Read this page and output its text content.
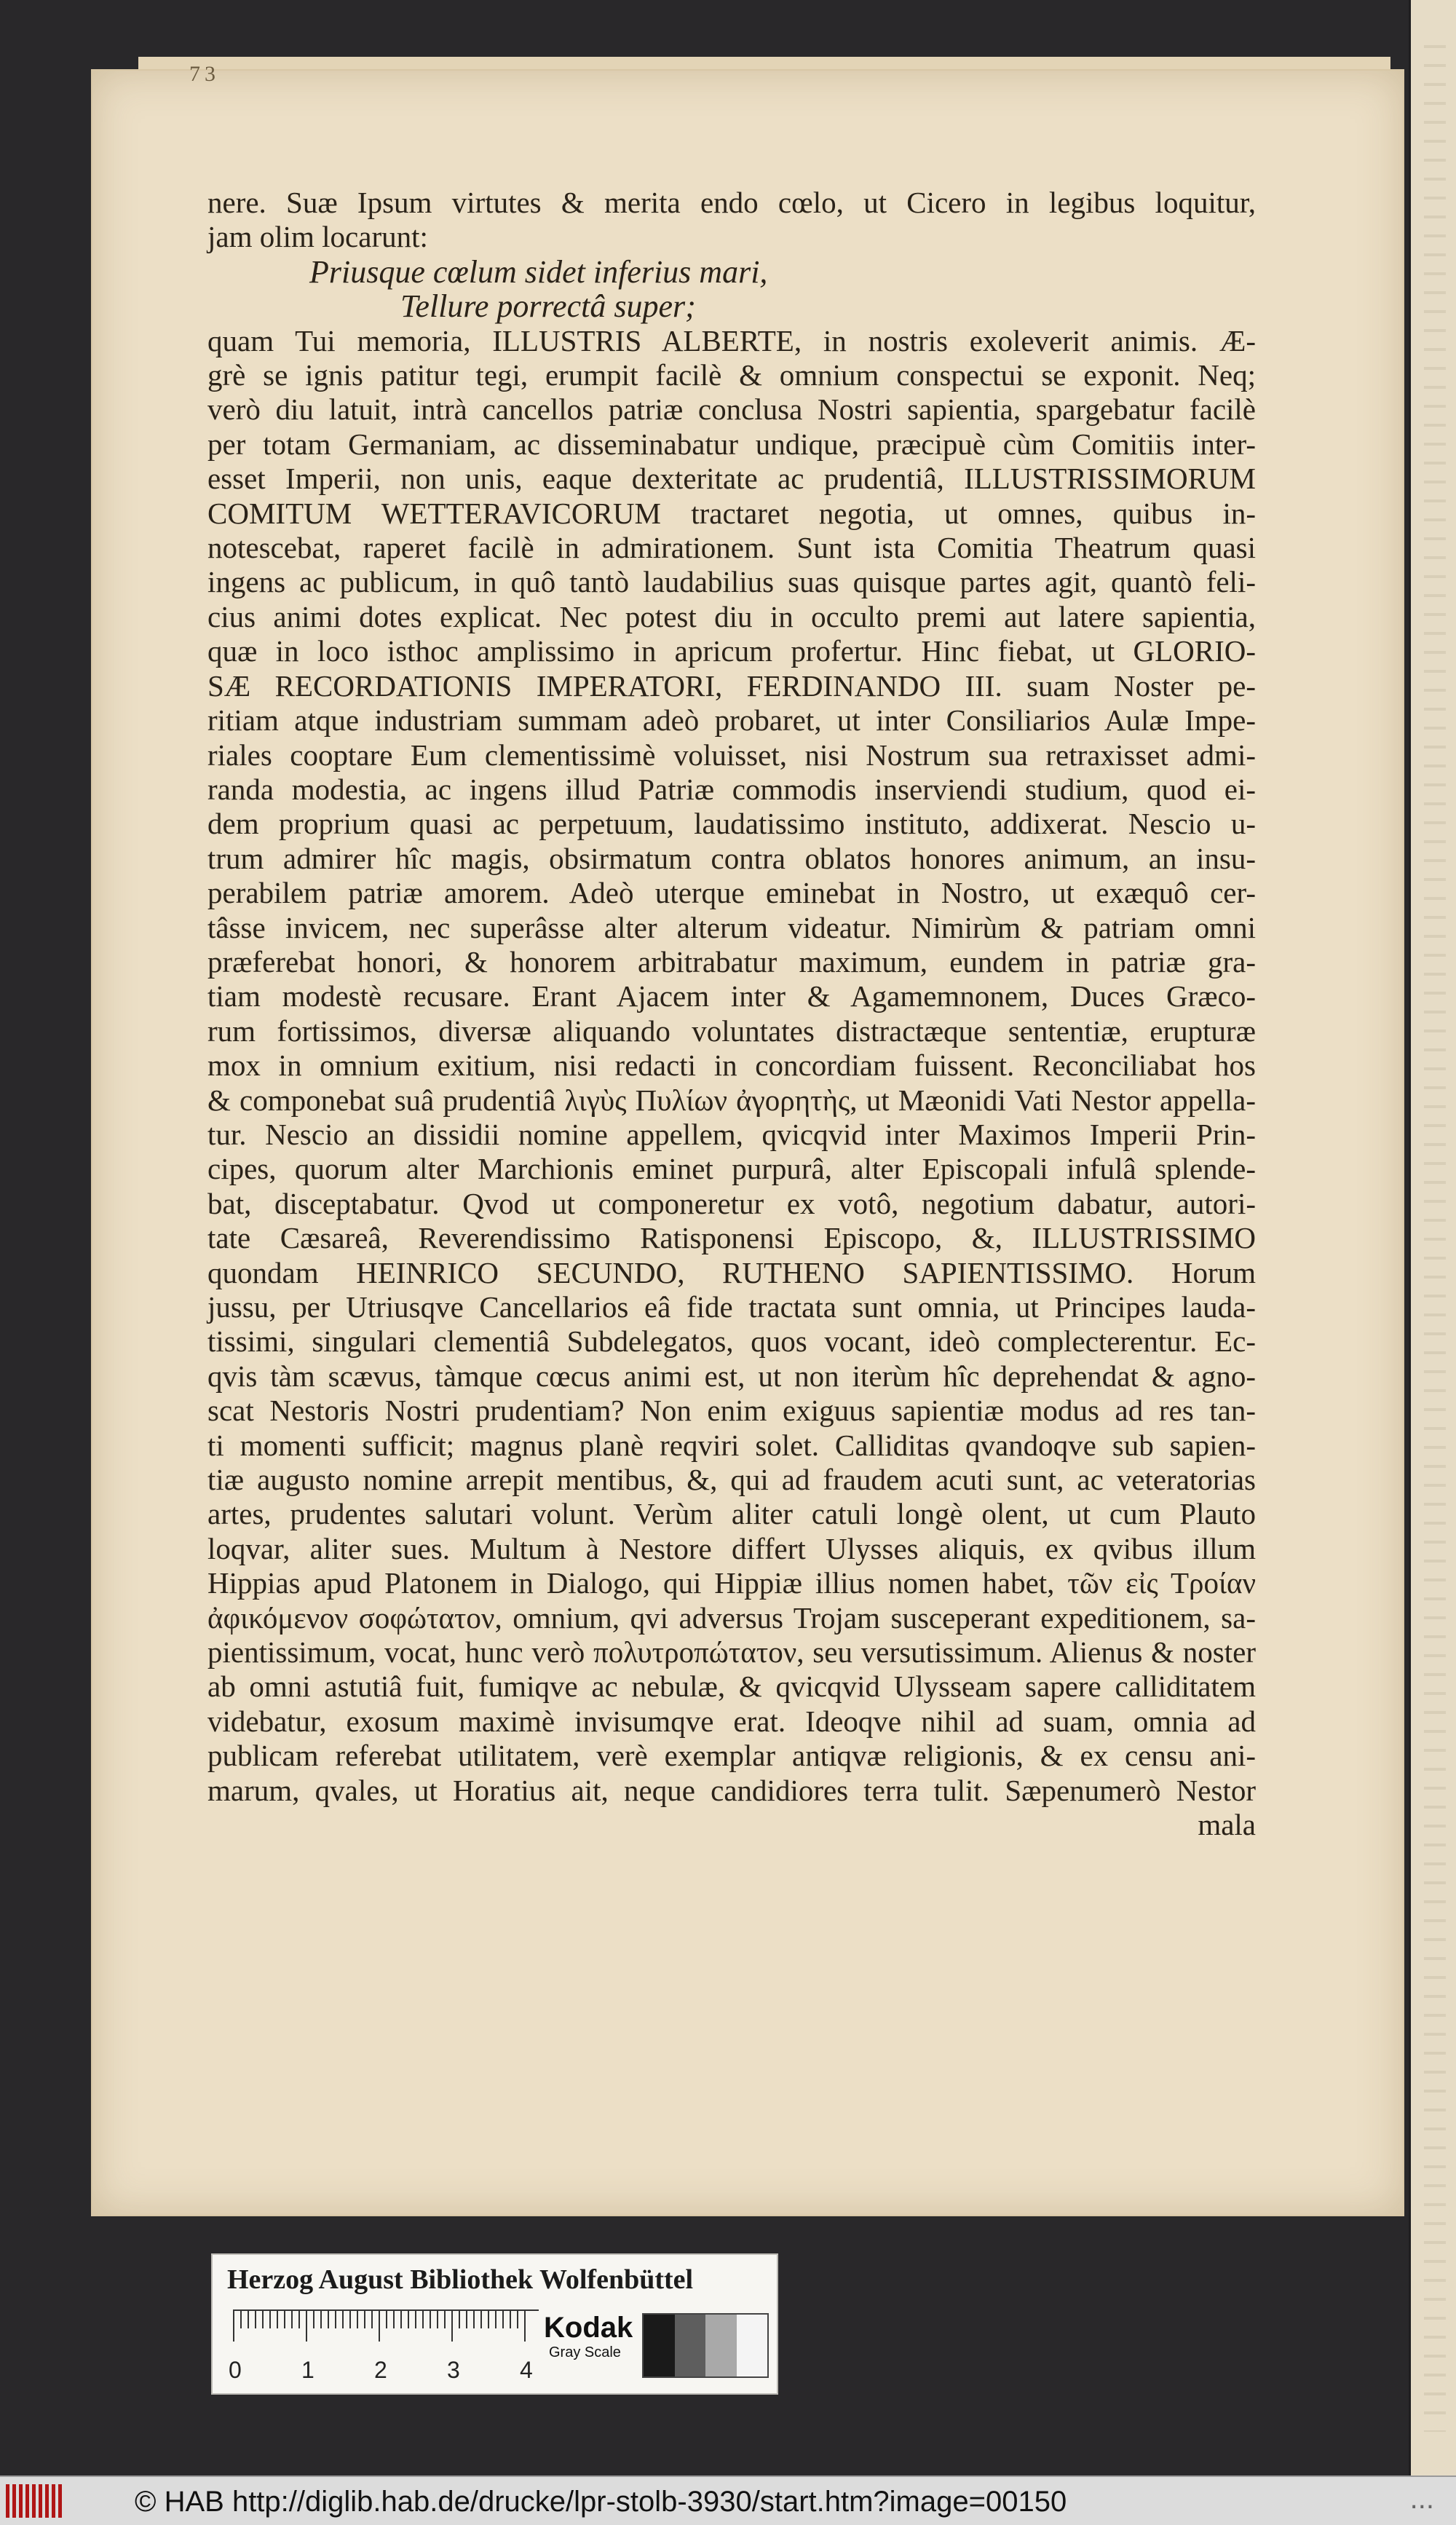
73
nere. Suæ Ipsum virtutes & merita endo cœlo, ut Cicero in legibus loquitur,
jam olim locarunt:
Priusque cœlum sidet inferius mari,
Tellure porrectâ super;
quam Tui memoria, ILLUSTRIS ALBERTE, in nostris exoleverit animis. Æ-
grè se ignis patitur tegi, erumpit facilè & omnium conspectui se exponit. Neq;
verò diu latuit, intrà cancellos patriæ conclusa Nostri sapientia, spargebatur facilè
per totam Germaniam, ac disseminabatur undique, præcipuè cùm Comitiis inter-
esset Imperii, non unis, eaque dexteritate ac prudentiâ, ILLUSTRISSIMORUM
COMITUM WETTERAVICORUM tractaret negotia, ut omnes, quibus in-
notescebat, raperet facilè in admirationem. Sunt ista Comitia Theatrum quasi
ingens ac publicum, in quô tantò laudabilius suas quisque partes agit, quantò feli-
cius animi dotes explicat. Nec potest diu in occulto premi aut latere sapientia,
quæ in loco isthoc amplissimo in apricum profertur. Hinc fiebat, ut GLORIO-
SÆ RECORDATIONIS IMPERATORI, FERDINANDO III. suam Noster pe-
ritiam atque industriam summam adeò probaret, ut inter Consiliarios Aulæ Impe-
riales cooptare Eum clementissimè voluisset, nisi Nostrum sua retraxisset admi-
randa modestia, ac ingens illud Patriæ commodis inserviendi studium, quod ei-
dem proprium quasi ac perpetuum, laudatissimo instituto, addixerat. Nescio u-
trum admirer hîc magis, obsirmatum contra oblatos honores animum, an insu-
perabilem patriæ amorem. Adeò uterque eminebat in Nostro, ut exæquô cer-
tâsse invicem, nec superâsse alter alterum videatur. Nimirùm & patriam omni
præferebat honori, & honorem arbitrabatur maximum, eundem in patriæ gra-
tiam modestè recusare. Erant Ajacem inter & Agamemnonem, Duces Græco-
rum fortissimos, diversæ aliquando voluntates distractæque sententiæ, erupturæ
mox in omnium exitium, nisi redacti in concordiam fuissent. Reconciliabat hos
& componebat suâ prudentiâ λιγὺς Πυλίων ἀγορητὴς, ut Mæonidi Vati Nestor appella-
tur. Nescio an dissidii nomine appellem, qvicqvid inter Maximos Imperii Prin-
cipes, quorum alter Marchionis eminet purpurâ, alter Episcopali infulâ splende-
bat, disceptabatur. Qvod ut componeretur ex votô, negotium dabatur, autori-
tate Cæsareâ, Reverendissimo Ratisponensi Episcopo, &, ILLUSTRISSIMO
quondam HEINRICO SECUNDO, RUTHENO SAPIENTISSIMO. Horum
jussu, per Utriusqve Cancellarios eâ fide tractata sunt omnia, ut Principes lauda-
tissimi, singulari clementiâ Subdelegatos, quos vocant, ideò complecterentur. Ec-
qvis tàm scævus, tàmque cœcus animi est, ut non iterùm hîc deprehendat & agno-
scat Nestoris Nostri prudentiam? Non enim exiguus sapientiæ modus ad res tan-
ti momenti sufficit; magnus planè reqviri solet. Calliditas qvandoqve sub sapien-
tiæ augusto nomine arrepit mentibus, &, qui ad fraudem acuti sunt, ac veteratorias
artes, prudentes salutari volunt. Verùm aliter catuli longè olent, ut cum Plauto
loqvar, aliter sues. Multum à Nestore differt Ulysses aliquis, ex qvibus illum
Hippias apud Platonem in Dialogo, qui Hippiæ illius nomen habet, τῶν εἰς Τροίαν
ἀφικόμενον σοφώτατον, omnium, qvi adversus Trojam susceperant expeditionem, sa-
pientissimum, vocat, hunc verò πολυτροπώτατον, seu versutissimum. Alienus & noster
ab omni astutiâ fuit, fumiqve ac nebulæ, & qvicqvid Ulysseam sapere calliditatem
videbatur, exosum maximè invisumqve erat. Ideoqve nihil ad suam, omnia ad
publicam referebat utilitatem, verè exemplar antiqvæ religionis, & ex censu ani-
marum, qvales, ut Horatius ait, neque candidiores terra tulit. Sæpenumerò Nestor
mala
Herzog August Bibliothek Wolfenbüttel
0	1	2	3	4
Kodak
Gray Scale
© HAB http://diglib.hab.de/drucke/lpr-stolb-3930/start.htm?image=00150	...
